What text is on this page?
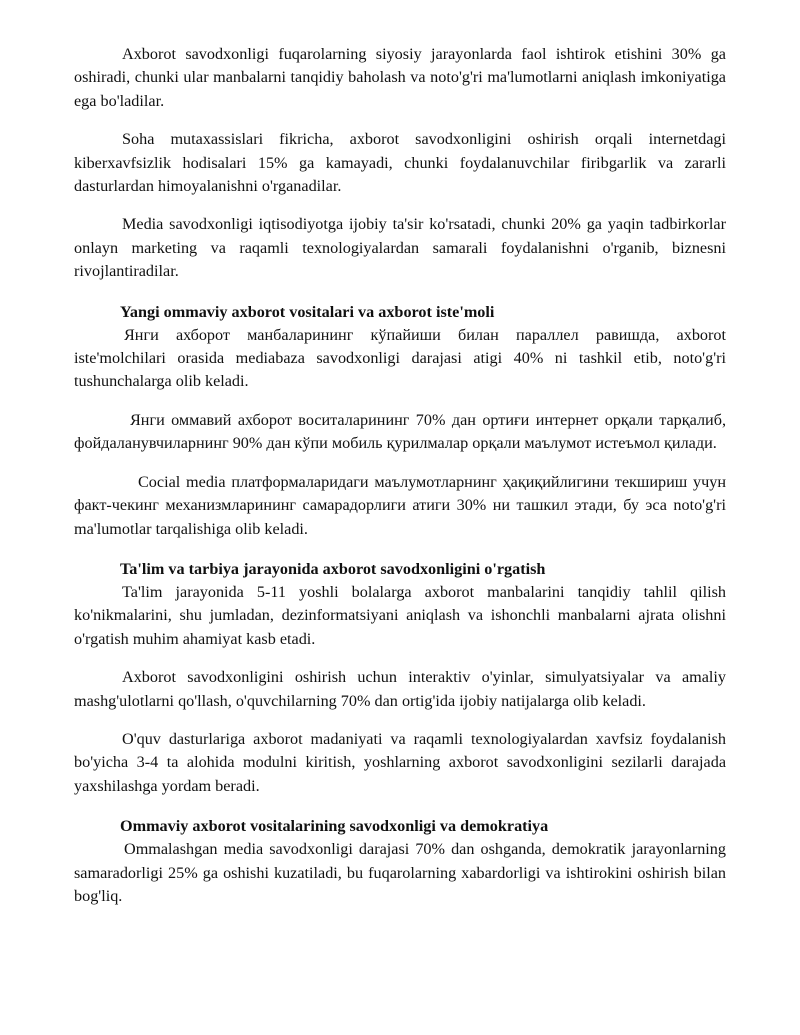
Axborot savodxonligi fuqarolarning siyosiy jarayonlarda faol ishtirok etishini 30% ga oshiradi, chunki ular manbalarni tanqidiy baholash va noto'g'ri ma'lumotlarni aniqlash imkoniyatiga ega bo'ladilar.

Soha mutaxassislari fikricha, axborot savodxonligini oshirish orqali internetdagi kiberxavfsizlik hodisalari 15% ga kamayadi, chunki foydalanuvchilar firibgarlik va zararli dasturlardan himoyalanishni o'rganadilar.

Media savodxonligi iqtisodiyotga ijobiy ta'sir ko'rsatadi, chunki 20% ga yaqin tadbirkorlar onlayn marketing va raqamli texnologiyalardan samarali foydalanishni o'rganib, biznesni rivojlantiradilar.

Yangi ommaviy axborot vositalari va axborot iste'moli

Янги ахборот манбаларининг кўпайиши билан параллел равишда, axborot iste'molchilari orasida mediabaza savodxonligi darajasi atigi 40% ni tashkil etib, noto'g'ri tushunchalarga olib keladi.

Янги оммавий ахборот воситаларининг 70% дан ортиғи интернет орқали тарқалиб, фойдаланувчиларнинг 90% дан кўпи мобиль қурилмалар орқали маълумот истеъмол қилади.

Cocial media платформаларидаги маълумотларнинг ҳақиқийлигини текшириш учун факт-чекинг механизмларининг самарадорлиги атиги 30% ни ташкил этади, бу эса noto'g'ri ma'lumotlar tarqalishiga olib keladi.

Ta'lim va tarbiya jarayonida axborot savodxonligini o'rgatish

Ta'lim jarayonida 5-11 yoshli bolalarga axborot manbalarini tanqidiy tahlil qilish ko'nikmalarini, shu jumladan, dezinformatsiyani aniqlash va ishonchli manbalarni ajrata olishni o'rgatish muhim ahamiyat kasb etadi.

Axborot savodxonligini oshirish uchun interaktiv o'yinlar, simulyatsiyalar va amaliy mashg'ulotlarni qo'llash, o'quvchilarning 70% dan ortig'ida ijobiy natijalarga olib keladi.

O'quv dasturlariga axborot madaniyati va raqamli texnologiyalardan xavfsiz foydalanish bo'yicha 3-4 ta alohida modulni kiritish, yoshlarning axborot savodxonligini sezilarli darajada yaxshilashga yordam beradi.

Ommaviy axborot vositalarining savodxonligi va demokratiya

Ommalashgan media savodxonligi darajasi 70% dan oshganda, demokratik jarayonlarning samaradorligi 25% ga oshishi kuzatiladi, bu fuqarolarning xabardorligi va ishtirokini oshirish bilan bog'liq.
